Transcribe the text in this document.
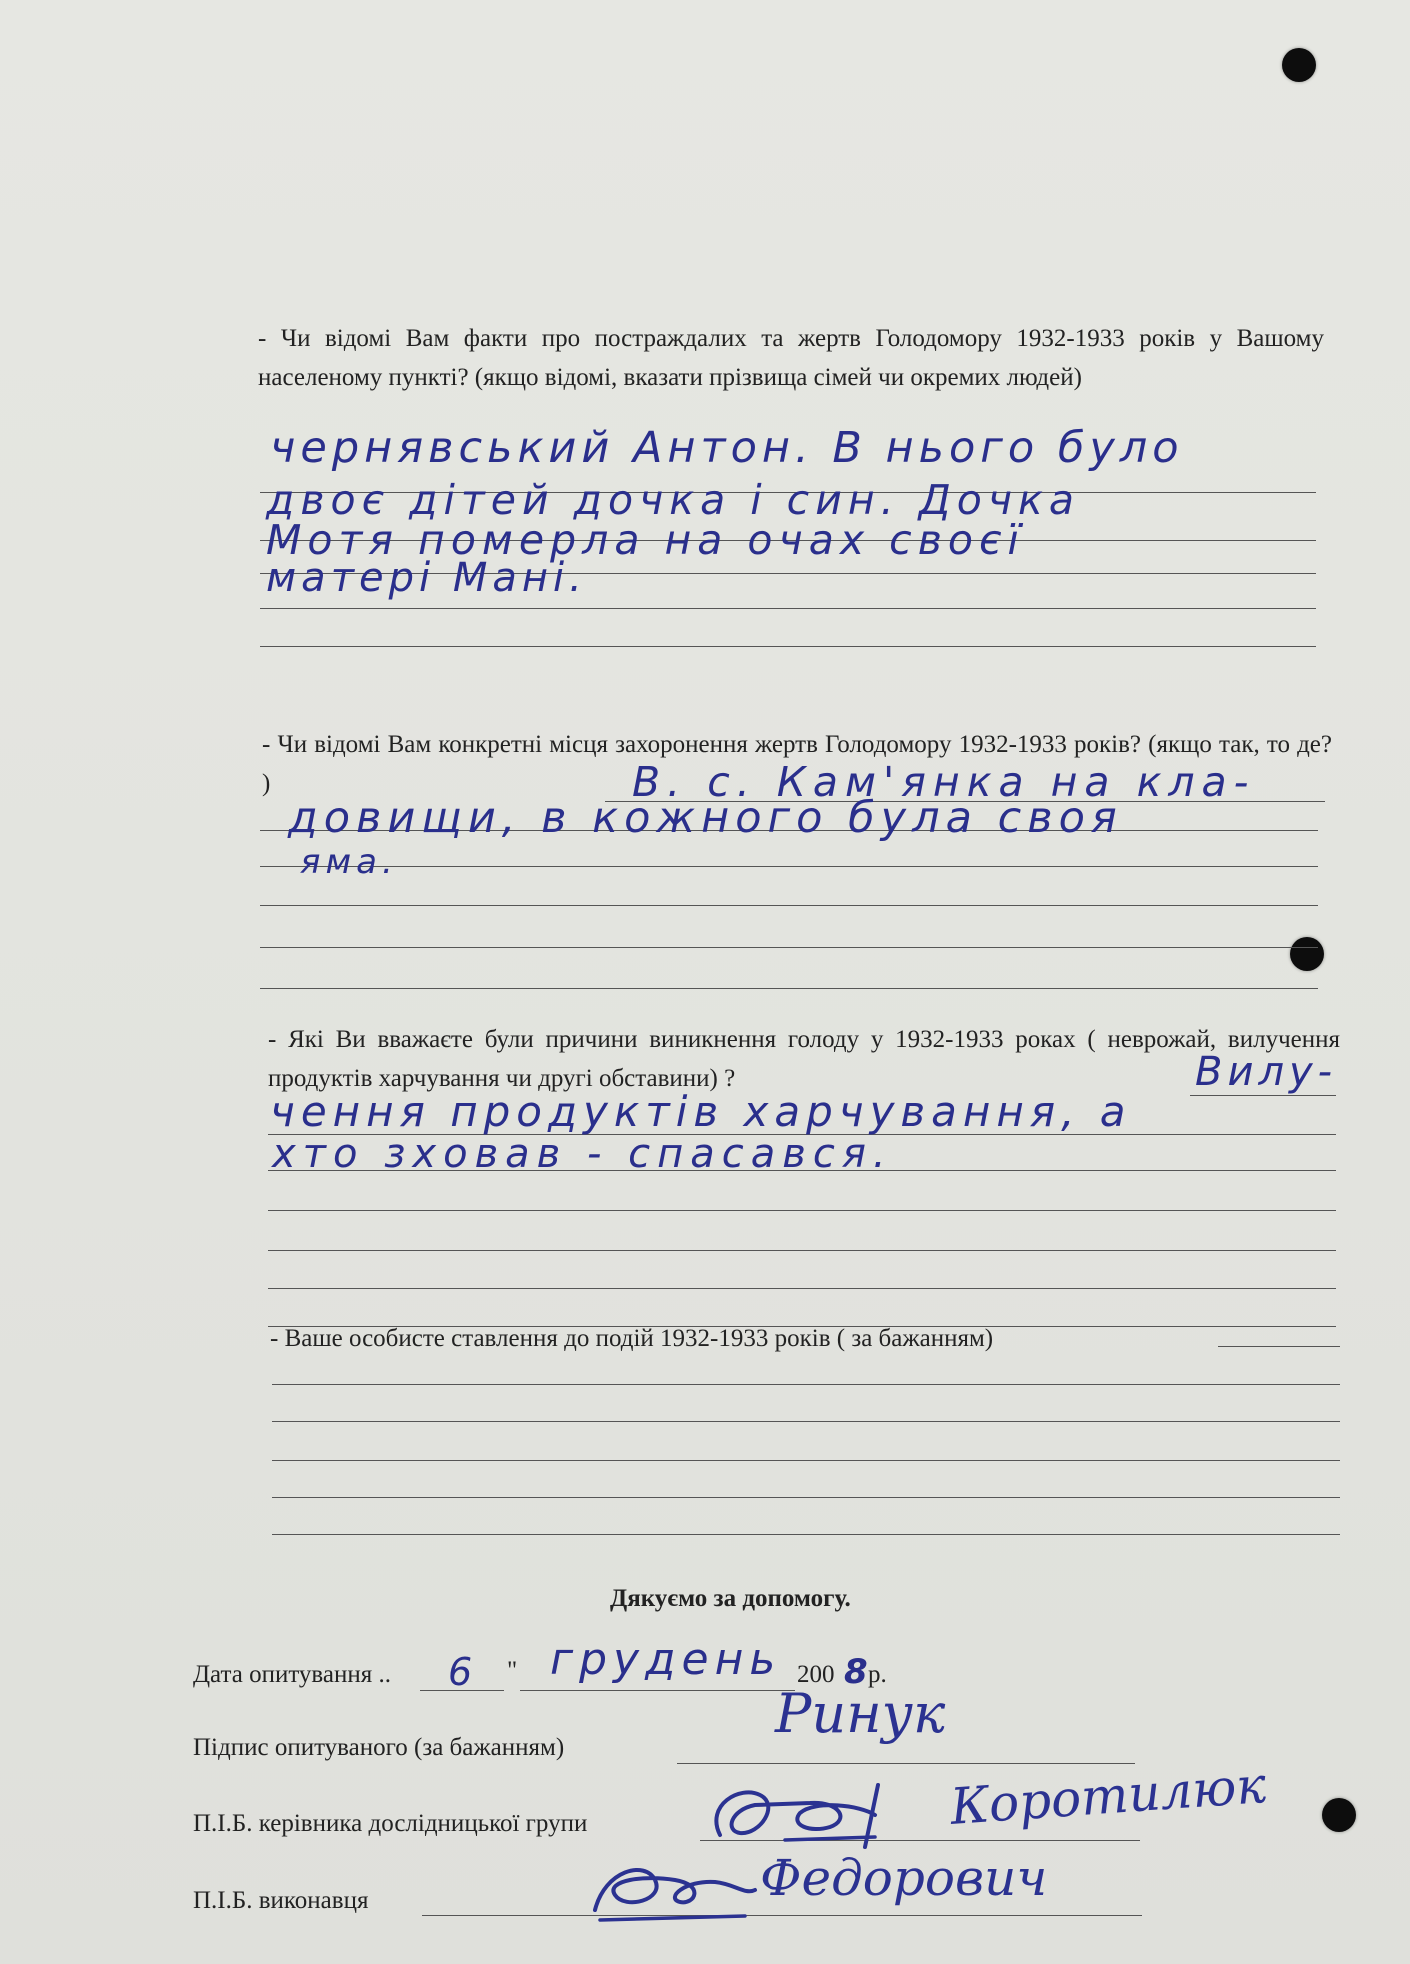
- Чи відомі Вам факти про постраждалих та жертв Голодомору 1932-1933 років у Вашому населеному пункті? (якщо відомі, вказати прізвища сімей чи окремих людей)
чернявський Антон. В нього було
двоє дітей дочка і син. Дочка
Мотя померла на очах своєї
матері Мані.
- Чи відомі Вам конкретні місця захоронення жертв Голодомору 1932-1933 років? (якщо так, то де? )	В. с. Кам'янка на кла-
довищи, в кожного була своя
яма.
- Які Ви вважаєте були причини виникнення голоду у 1932-1933 роках ( неврожай, вилучення продуктів харчування чи другі обставини) ?	Вилу-
чення продуктів харчування, а
хто зховав - спасався.
- Ваше особисте ставлення до подій 1932-1933 років ( за бажанням)
Дякуємо за допомогу.
Дата опитування .. 6 " грудень 200 8 р.
Підпис опитуваного (за бажанням)
Ринук
П.І.Б. керівника дослідницької групи	Коротилюк
П.І.Б. виконавця	Федорович
